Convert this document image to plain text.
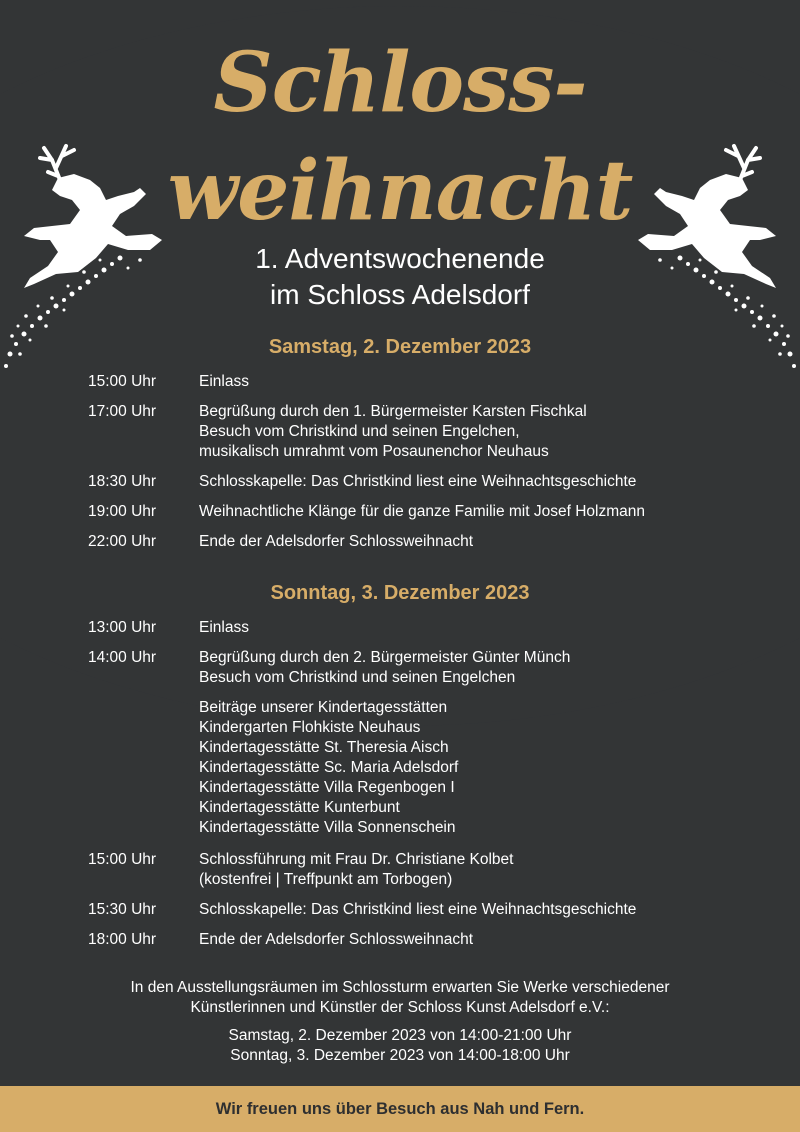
Schloss-
weihnacht
1. Adventswochenende
im Schloss Adelsdorf
Samstag, 2. Dezember 2023
15:00 Uhr	Einlass
17:00 Uhr	Begrüßung durch den 1. Bürgermeister Karsten Fischkal
Besuch vom Christkind und seinen Engelchen,
musikalisch umrahmt vom Posaunenchor Neuhaus
18:30 Uhr	Schlosskapelle: Das Christkind liest eine Weihnachtsgeschichte
19:00 Uhr	Weihnachtliche Klänge für die ganze Familie mit Josef Holzmann
22:00 Uhr	Ende der Adelsdorfer Schlossweihnacht
Sonntag, 3. Dezember 2023
13:00 Uhr	Einlass
14:00 Uhr	Begrüßung durch den 2. Bürgermeister Günter Münch
Besuch vom Christkind und seinen Engelchen
Beiträge unserer Kindertagesstätten
Kindergarten Flohkiste Neuhaus
Kindertagesstätte St. Theresia Aisch
Kindertagesstätte Sc. Maria Adelsdorf
Kindertagesstätte Villa Regenbogen I
Kindertagesstätte Kunterbunt
Kindertagesstätte Villa Sonnenschein
15:00 Uhr	Schlossführung mit Frau Dr. Christiane Kolbet
(kostenfrei | Treffpunkt am Torbogen)
15:30 Uhr	Schlosskapelle: Das Christkind liest eine Weihnachtsgeschichte
18:00 Uhr	Ende der Adelsdorfer Schlossweihnacht
In den Ausstellungsräumen im Schlossturm erwarten Sie Werke verschiedener
Künstlerinnen und Künstler der Schloss Kunst Adelsdorf e.V.:
Samstag, 2. Dezember 2023 von 14:00-21:00 Uhr
Sonntag, 3. Dezember 2023 von 14:00-18:00 Uhr
Wir freuen uns über Besuch aus Nah und Fern.
